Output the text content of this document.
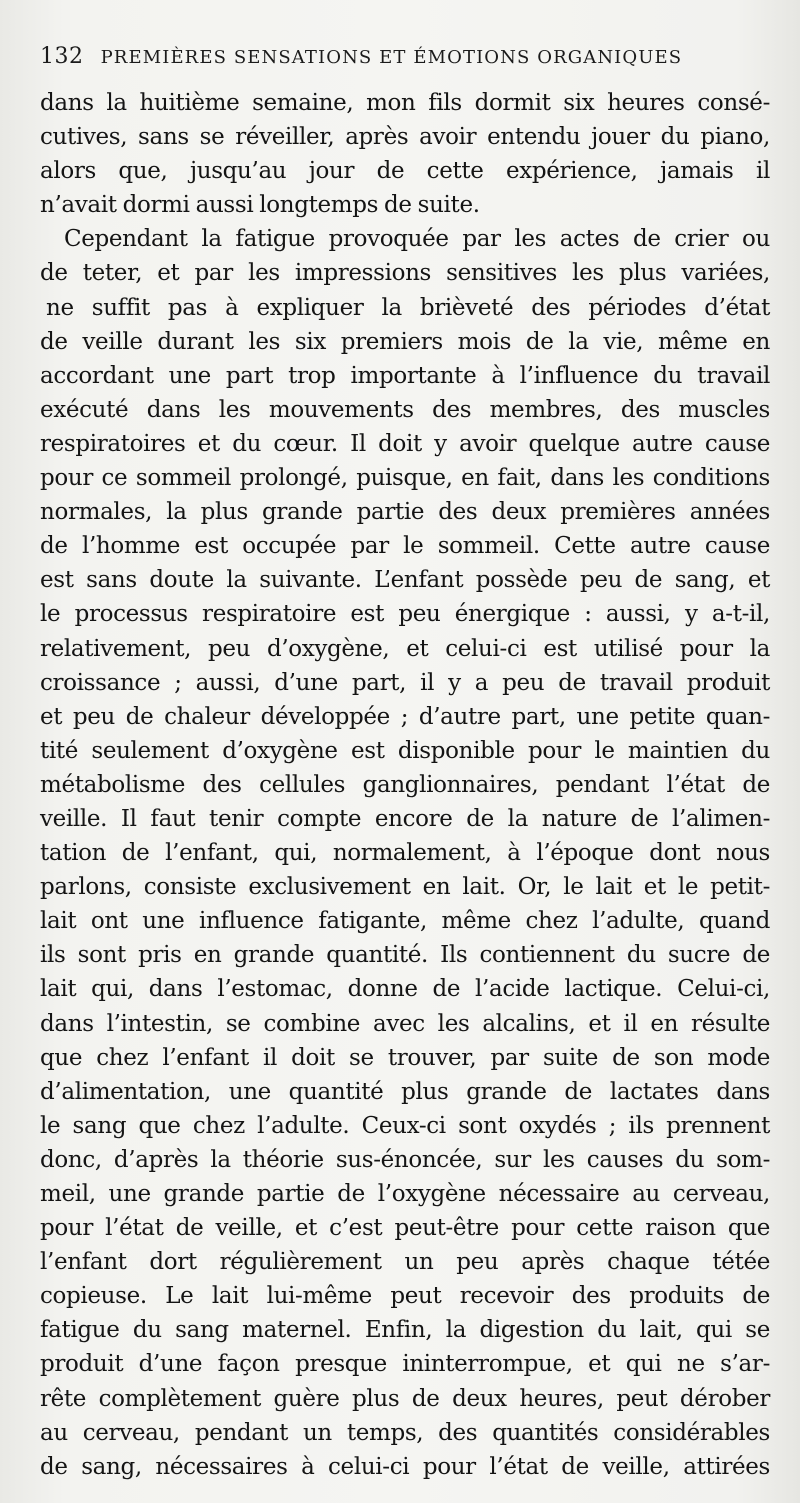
132 PREMIÈRES SENSATIONS ET ÉMOTIONS ORGANIQUES
dans la huitième semaine, mon fils dormit six heures consé-
cutives, sans se réveiller, après avoir entendu jouer du piano,
alors que, jusqu’au jour de cette expérience, jamais il
n’avait dormi aussi longtemps de suite.
Cependant la fatigue provoquée par les actes de crier ou
de teter, et par les impressions sensitives les plus variées,
ne suffit pas à expliquer la brièveté des périodes d’état
de veille durant les six premiers mois de la vie, même en
accordant une part trop importante à l’influence du travail
exécuté dans les mouvements des membres, des muscles
respiratoires et du cœur. Il doit y avoir quelque autre cause
pour ce sommeil prolongé, puisque, en fait, dans les conditions
normales, la plus grande partie des deux premières années
de l’homme est occupée par le sommeil. Cette autre cause
est sans doute la suivante. L’enfant possède peu de sang, et
le processus respiratoire est peu énergique : aussi, y a-t-il,
relativement, peu d’oxygène, et celui-ci est utilisé pour la
croissance ; aussi, d’une part, il y a peu de travail produit
et peu de chaleur développée ; d’autre part, une petite quan-
tité seulement d’oxygène est disponible pour le maintien du
métabolisme des cellules ganglionnaires, pendant l’état de
veille. Il faut tenir compte encore de la nature de l’alimen-
tation de l’enfant, qui, normalement, à l’époque dont nous
parlons, consiste exclusivement en lait. Or, le lait et le petit-
lait ont une influence fatigante, même chez l’adulte, quand
ils sont pris en grande quantité. Ils contiennent du sucre de
lait qui, dans l’estomac, donne de l’acide lactique. Celui-ci,
dans l’intestin, se combine avec les alcalins, et il en résulte
que chez l’enfant il doit se trouver, par suite de son mode
d’alimentation, une quantité plus grande de lactates dans
le sang que chez l’adulte. Ceux-ci sont oxydés ; ils prennent
donc, d’après la théorie sus-énoncée, sur les causes du som-
meil, une grande partie de l’oxygène nécessaire au cerveau,
pour l’état de veille, et c’est peut-être pour cette raison que
l’enfant dort régulièrement un peu après chaque tétée
copieuse. Le lait lui-même peut recevoir des produits de
fatigue du sang maternel. Enfin, la digestion du lait, qui se
produit d’une façon presque ininterrompue, et qui ne s’ar-
rête complètement guère plus de deux heures, peut dérober
au cerveau, pendant un temps, des quantités considérables
de sang, nécessaires à celui-ci pour l’état de veille, attirées
